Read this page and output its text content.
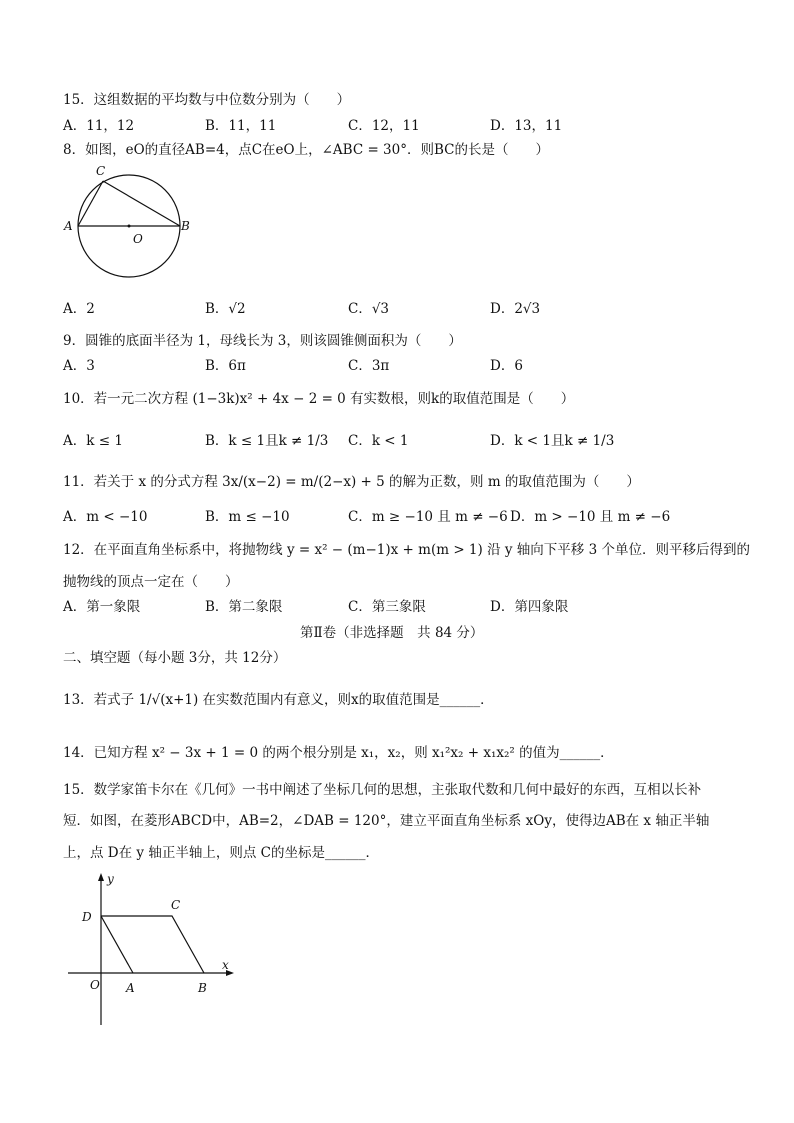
15．这组数据的平均数与中位数分别为（　　）
A．11，12	B．11，11	C．12，11	D．13，11
8．如图，eO的直径AB=4，点C在eO上，∠ABC = 30°．则BC的长是（　　）
C
A
O
B
A．2	B．√2	C．√3	D．2√3
9．圆锥的底面半径为 1，母线长为 3，则该圆锥侧面积为（　　）
A．3	B．6π	C．3π	D．6
10．若一元二次方程 (1−3k)x² + 4x − 2 = 0 有实数根，则k的取值范围是（　　）
A．k ≤ 1	B．k ≤ 1且k ≠ 1/3 C．k < 1	D．k < 1且k ≠ 1/3
11．若关于 x 的分式方程 3x/(x−2) = m/(2−x) + 5 的解为正数，则 m 的取值范围为（　　）
A．m < −10	B．m ≤ −10	C．m ≥ −10 且 m ≠ −6 D．m > −10 且 m ≠ −6
12．在平面直角坐标系中，将抛物线 y = x² − (m−1)x + m(m > 1) 沿 y 轴向下平移 3 个单位．则平移后得到的
抛物线的顶点一定在（　　）
A．第一象限	B．第二象限	C．第三象限	D．第四象限
第Ⅱ卷（非选择题　共 84 分）
二、填空题（每小题 3分，共 12分）
13．若式子 1/√(x+1) 在实数范围内有意义，则x的取值范围是______．
14．已知方程 x² − 3x + 1 = 0 的两个根分别是 x₁，x₂，则 x₁²x₂ + x₁x₂² 的值为______．
15．数学家笛卡尔在《几何》一书中阐述了坐标几何的思想，主张取代数和几何中最好的东西，互相以长补
短．如图，在菱形ABCD中，AB=2，∠DAB = 120°，建立平面直角坐标系 xOy，使得边AB在 x 轴正半轴
上，点 D在 y 轴正半轴上，则点 C的坐标是______．
y
D
C
O A	B
x
